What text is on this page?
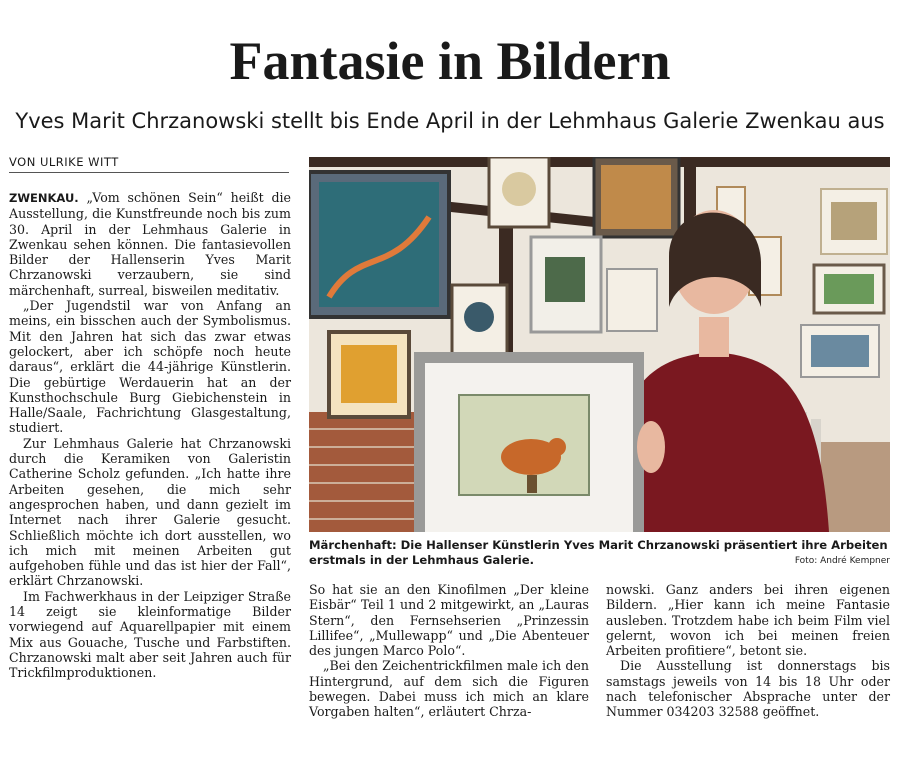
Fantasie in Bildern
Yves Marit Chrzanowski stellt bis Ende April in der Lehmhaus Galerie Zwenkau aus
VON ULRIKE WITT

ZWENKAU. „Vom schönen Sein“ heißt die Ausstellung, die Kunstfreunde noch bis zum 30. April in der Lehmhaus Galerie in Zwenkau sehen können. Die fantasievollen Bilder der Hallenserin Yves Marit Chrzanowski verzaubern, sie sind märchenhaft, surreal, bisweilen meditativ.

„Der Jugendstil war von Anfang an meins, ein bisschen auch der Symbolismus. Mit den Jahren hat sich das zwar etwas gelockert, aber ich schöpfe noch heute daraus“, erklärt die 44-jährige Künstlerin. Die gebürtige Werdauerin hat an der Kunsthochschule Burg Giebichenstein in Halle/Saale, Fachrichtung Glasgestaltung, studiert.

Zur Lehmhaus Galerie hat Chrzanowski durch die Keramiken von Galeristin Catherine Scholz gefunden. „Ich hatte ihre Arbeiten gesehen, die mich sehr angesprochen haben, und dann gezielt im Internet nach ihrer Galerie gesucht. Schließlich möchte ich dort ausstellen, wo ich mich mit meinen Arbeiten gut aufgehoben fühle und das ist hier der Fall“, erklärt Chrzanowski.

Im Fachwerkhaus in der Leipziger Straße 14 zeigt sie kleinformatige Bilder vorwiegend auf Aquarellpapier mit einem Mix aus Gouache, Tusche und Farbstiften. Chrzanowski malt aber seit Jahren auch für Trickfilmproduktionen.

Märchenhaft: Die Hallenser Künstlerin Yves Marit Chrzanowski präsentiert ihre Arbeiten erstmals in der Lehmhaus Galerie.	Foto: André Kempner

So hat sie an den Kinofilmen „Der kleine Eisbär“ Teil 1 und 2 mitgewirkt, an „Lauras Stern“, den Fernsehserien „Prinzessin Lillifee“, „Mullewapp“ und „Die Abenteuer des jungen Marco Polo“.

„Bei den Zeichentrickfilmen male ich den Hintergrund, auf dem sich die Figuren bewegen. Dabei muss ich mich an klare Vorgaben halten“, erläutert Chrza-

nowski. Ganz anders bei ihren eigenen Bildern. „Hier kann ich meine Fantasie ausleben. Trotzdem habe ich beim Film viel gelernt, wovon ich bei meinen freien Arbeiten profitiere“, betont sie.

Die Ausstellung ist donnerstags bis samstags jeweils von 14 bis 18 Uhr oder nach telefonischer Absprache unter der Nummer 034203 32588 geöffnet.
